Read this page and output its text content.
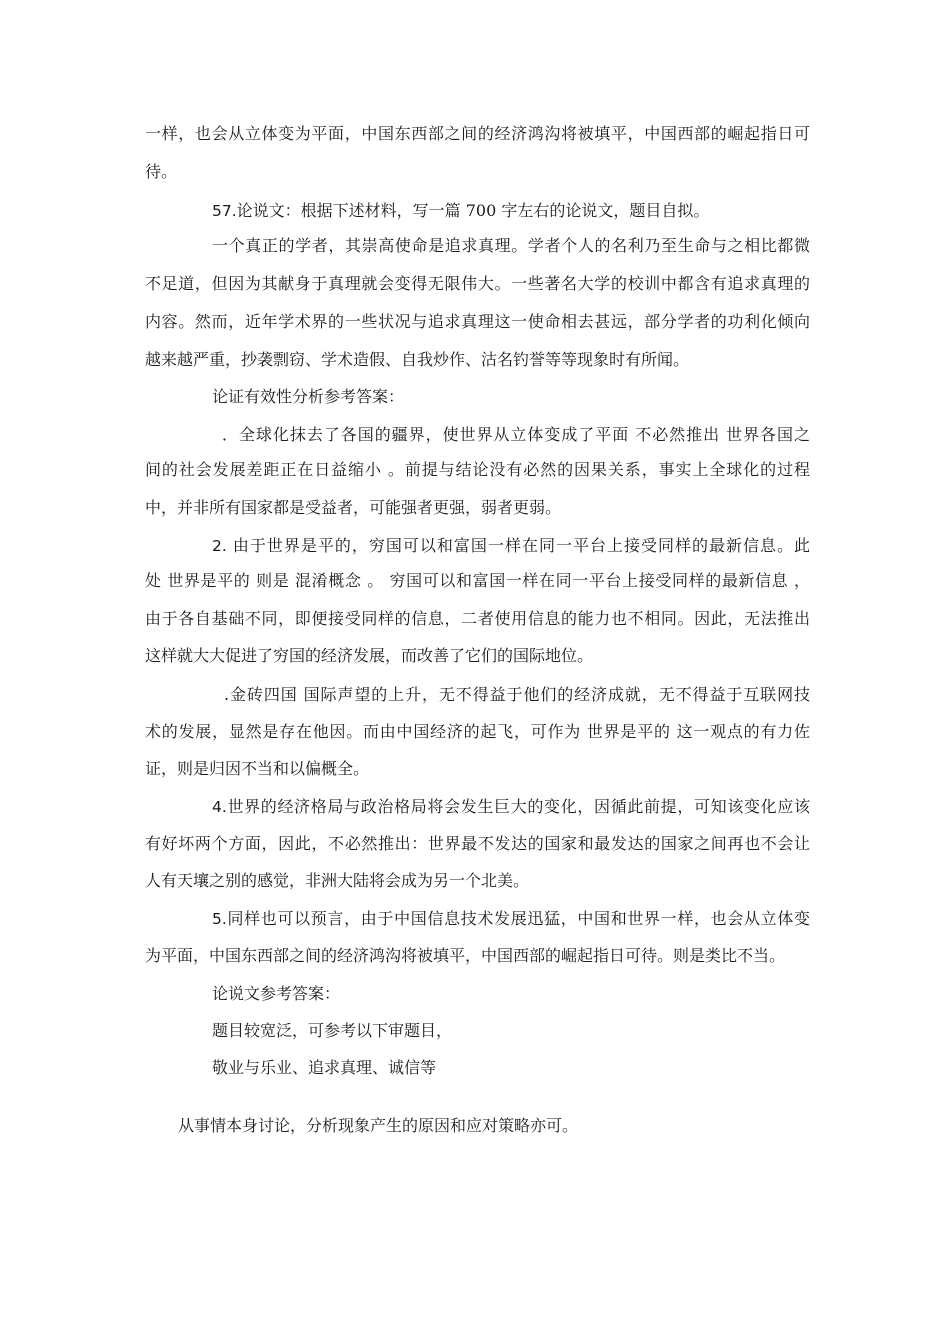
一样，也会从立体变为平面，中国东西部之间的经济鸿沟将被填平，中国西部的崛起指日可
待。
57.论说文：根据下述材料，写一篇 700 字左右的论说文，题目自拟。
一个真正的学者，其崇高使命是追求真理。学者个人的名利乃至生命与之相比都微
不足道，但因为其献身于真理就会变得无限伟大。一些著名大学的校训中都含有追求真理的
内容。然而，近年学术界的一些状况与追求真理这一使命相去甚远，部分学者的功利化倾向
越来越严重，抄袭剽窃、学术造假、自我炒作、沽名钓誉等等现象时有所闻。
论证有效性分析参考答案：
．全球化抹去了各国的疆界，使世界从立体变成了平面 不必然推出 世界各国之
间的社会发展差距正在日益缩小 。前提与结论没有必然的因果关系，事实上全球化的过程
中，并非所有国家都是受益者，可能强者更强，弱者更弱。
2. 由于世界是平的，穷国可以和富国一样在同一平台上接受同样的最新信息。此
处 世界是平的 则是 混淆概念 。 穷国可以和富国一样在同一平台上接受同样的最新信息 ，
由于各自基础不同，即便接受同样的信息，二者使用信息的能力也不相同。因此，无法推出
这样就大大促进了穷国的经济发展，而改善了它们的国际地位。
.金砖四国 国际声望的上升，无不得益于他们的经济成就，无不得益于互联网技
术的发展，显然是存在他因。而由中国经济的起飞，可作为 世界是平的 这一观点的有力佐
证，则是归因不当和以偏概全。
4.世界的经济格局与政治格局将会发生巨大的变化，因循此前提，可知该变化应该
有好坏两个方面，因此，不必然推出：世界最不发达的国家和最发达的国家之间再也不会让
人有天壤之别的感觉，非洲大陆将会成为另一个北美。
5.同样也可以预言，由于中国信息技术发展迅猛，中国和世界一样，也会从立体变
为平面，中国东西部之间的经济鸿沟将被填平，中国西部的崛起指日可待。则是类比不当。
论说文参考答案：
题目较宽泛，可参考以下审题目，
敬业与乐业、追求真理、诚信等
从事情本身讨论，分析现象产生的原因和应对策略亦可。
